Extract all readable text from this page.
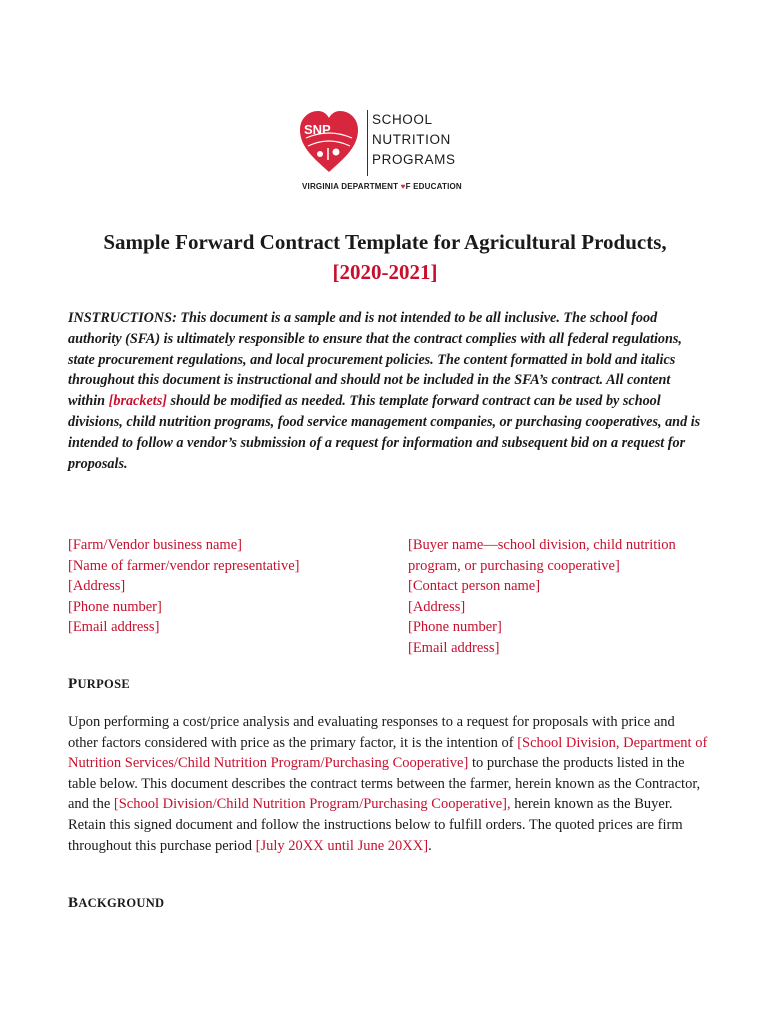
SNP
SCHOOL
NUTRITION
PROGRAMS
VIRGINIA DEPARTMENT ♥F EDUCATION
Sample Forward Contract Template for Agricultural Products,
[2020-2021]
INSTRUCTIONS: This document is a sample and is not intended to be all inclusive. The school food authority (SFA) is ultimately responsible to ensure that the contract complies with all federal regulations, state procurement regulations, and local procurement policies. The content formatted in bold and italics throughout this document is instructional and should not be included in the SFA’s contract. All content within [brackets] should be modified as needed. This template forward contract can be used by school divisions, child nutrition programs, food service management companies, or purchasing cooperatives, and is intended to follow a vendor’s submission of a request for information and subsequent bid on a request for proposals.
[Farm/Vendor business name]
[Name of farmer/vendor representative]
[Address]
[Phone number]
[Email address]
[Buyer name—school division, child nutrition
program, or purchasing cooperative]
[Contact person name]
[Address]
[Phone number]
[Email address]
PURPOSE
Upon performing a cost/price analysis and evaluating responses to a request for proposals with price and other factors considered with price as the primary factor, it is the intention of [School Division, Department of Nutrition Services/Child Nutrition Program/Purchasing Cooperative] to purchase the products listed in the table below. This document describes the contract terms between the farmer, herein known as the Contractor, and the [School Division/Child Nutrition Program/Purchasing Cooperative], herein known as the Buyer. Retain this signed document and follow the instructions below to fulfill orders. The quoted prices are firm throughout this purchase period [July 20XX until June 20XX].
BACKGROUND
